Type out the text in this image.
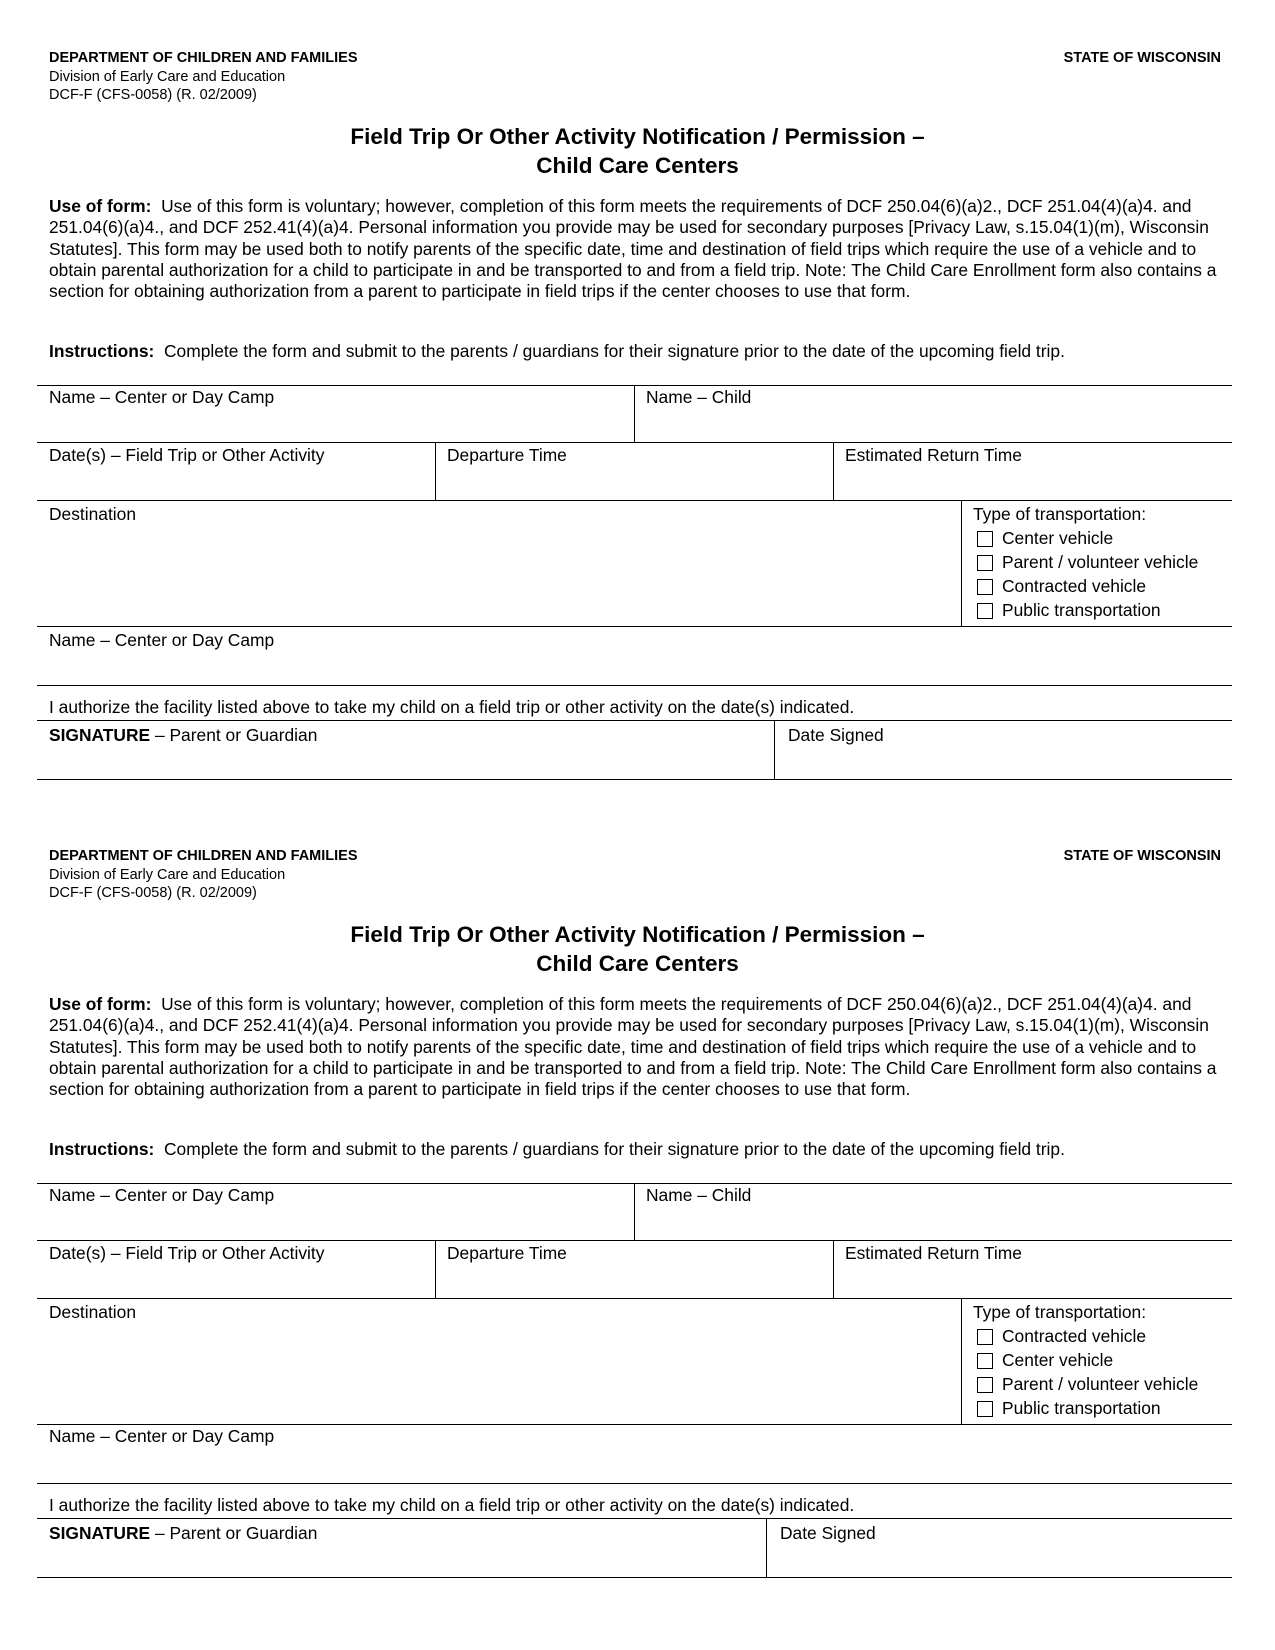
DEPARTMENT OF CHILDREN AND FAMILIES
Division of Early Care and Education
DCF-F (CFS-0058) (R. 02/2009)
STATE OF WISCONSIN
Field Trip Or Other Activity Notification / Permission –
Child Care Centers
Use of form: Use of this form is voluntary; however, completion of this form meets the requirements of DCF 250.04(6)(a)2., DCF 251.04(4)(a)4. and 251.04(6)(a)4., and DCF 252.41(4)(a)4. Personal information you provide may be used for secondary purposes [Privacy Law, s.15.04(1)(m), Wisconsin Statutes]. This form may be used both to notify parents of the specific date, time and destination of field trips which require the use of a vehicle and to obtain parental authorization for a child to participate in and be transported to and from a field trip. Note: The Child Care Enrollment form also contains a section for obtaining authorization from a parent to participate in field trips if the center chooses to use that form.
Instructions: Complete the form and submit to the parents / guardians for their signature prior to the date of the upcoming field trip.
Name – Center or Day Camp	Name – Child
Date(s) – Field Trip or Other Activity	Departure Time	Estimated Return Time
Destination	Type of transportation:
Center vehicle
Parent / volunteer vehicle
Contracted vehicle
Public transportation
Name – Center or Day Camp
I authorize the facility listed above to take my child on a field trip or other activity on the date(s) indicated.
SIGNATURE – Parent or Guardian	Date Signed
DEPARTMENT OF CHILDREN AND FAMILIES
Division of Early Care and Education
DCF-F (CFS-0058) (R. 02/2009)
STATE OF WISCONSIN
Field Trip Or Other Activity Notification / Permission –
Child Care Centers
Use of form: Use of this form is voluntary; however, completion of this form meets the requirements of DCF 250.04(6)(a)2., DCF 251.04(4)(a)4. and 251.04(6)(a)4., and DCF 252.41(4)(a)4. Personal information you provide may be used for secondary purposes [Privacy Law, s.15.04(1)(m), Wisconsin Statutes]. This form may be used both to notify parents of the specific date, time and destination of field trips which require the use of a vehicle and to obtain parental authorization for a child to participate in and be transported to and from a field trip. Note: The Child Care Enrollment form also contains a section for obtaining authorization from a parent to participate in field trips if the center chooses to use that form.
Instructions: Complete the form and submit to the parents / guardians for their signature prior to the date of the upcoming field trip.
Name – Center or Day Camp	Name – Child
Date(s) – Field Trip or Other Activity	Departure Time	Estimated Return Time
Destination	Type of transportation:
Contracted vehicle
Center vehicle
Parent / volunteer vehicle
Public transportation
Name – Center or Day Camp
I authorize the facility listed above to take my child on a field trip or other activity on the date(s) indicated.
SIGNATURE – Parent or Guardian	Date Signed
